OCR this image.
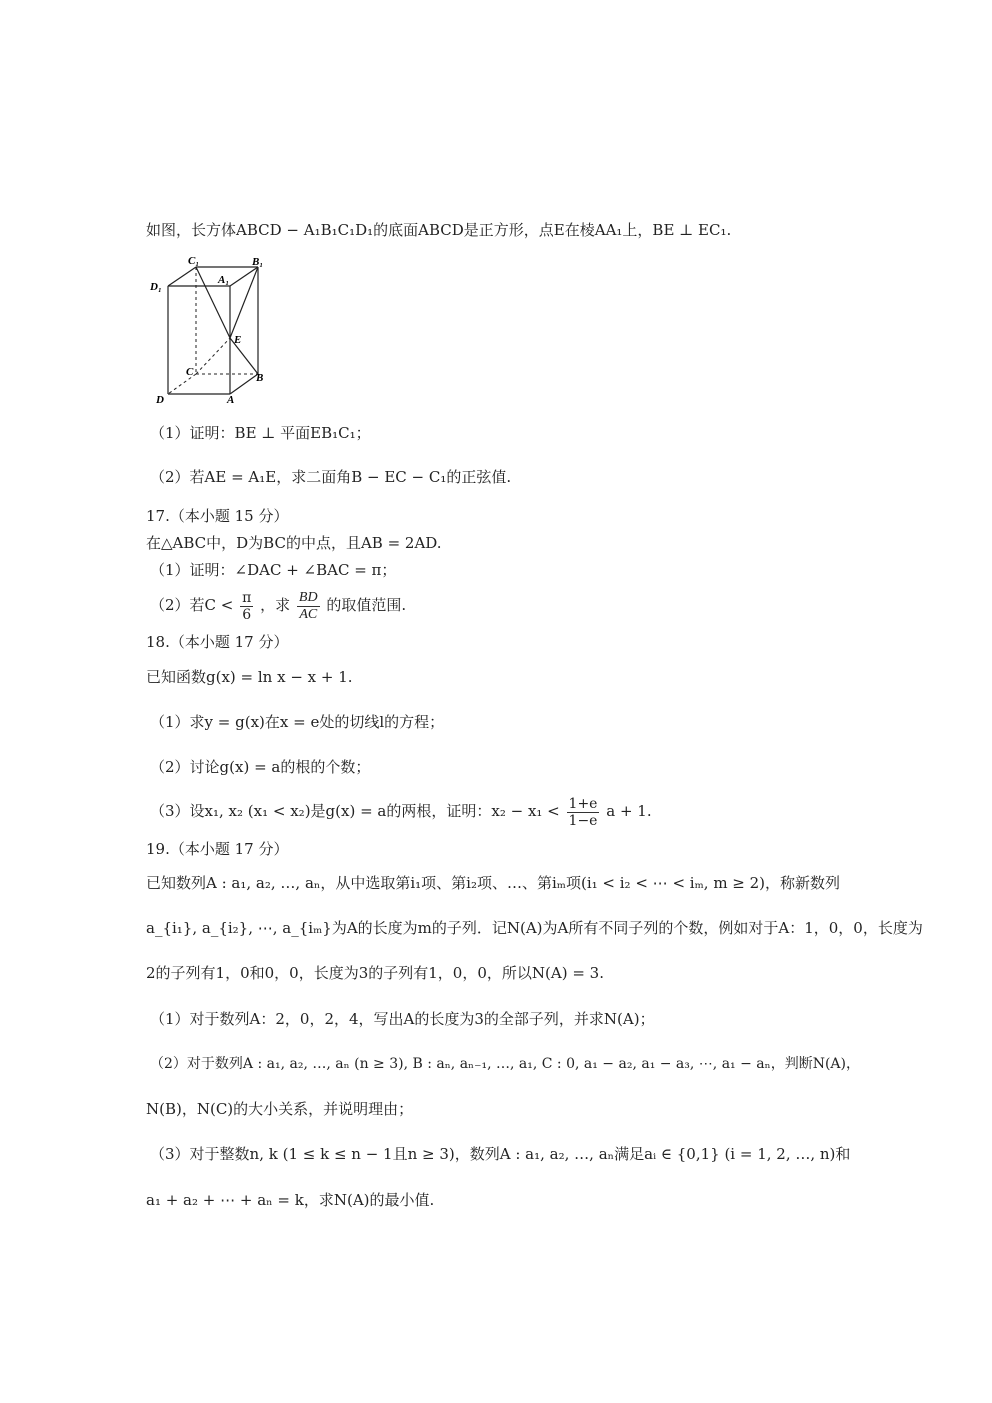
如图，长方体ABCD − A₁B₁C₁D₁的底面ABCD是正方形，点E在棱AA₁上，BE ⊥ EC₁.
C₁	B₁
D₁
A₁
E
C	B
D	A
（1）证明：BE ⊥ 平面EB₁C₁；
（2）若AE = A₁E，求二面角B − EC − C₁的正弦值.
17.（本小题 15 分）
在△ABC中，D为BC的中点，且AB = 2AD.
（1）证明：∠DAC + ∠BAC = π；
（2）若$C < \frac{\pi}{6}$ ，求 $\frac{BD}{AC}$ 的取值范围.
18.（本小题 17 分）
已知函数g(x) = ln x − x + 1.
（1）求y = g(x)在x = e处的切线l的方程；
（2）讨论g(x) = a的根的个数；
（3）设x₁, x₂ (x₁ < x₂)是g(x) = a的两根，证明：$x_2 - x_1 < \frac{1+e}{1-e}$ a + 1.
19.（本小题 17 分）
已知数列A : a₁, a₂, …, aₙ，从中选取第i₁项、第i₂项、…、第iₘ项(i₁ < i₂ < ⋯ < iₘ, m ≥ 2)，称新数列
a_{i₁}, a_{i₂}, ⋯, a_{iₘ}为A的长度为m的子列．记N(A)为A所有不同子列的个数，例如对于A：1，0，0，长度为
2的子列有1，0和0，0，长度为3的子列有1，0，0，所以N(A) = 3.
（1）对于数列A：2，0，2，4，写出A的长度为3的全部子列，并求N(A)；
（2）对于数列A : a₁, a₂, …, aₙ (n ≥ 3), B : aₙ, aₙ₋₁, …, a₁, C : 0, a₁ − a₂, a₁ − a₃, ⋯, a₁ − aₙ，判断N(A)，
N(B)，N(C)的大小关系，并说明理由；
（3）对于整数n, k (1 ≤ k ≤ n − 1且n ≥ 3)，数列A : a₁, a₂, …, aₙ满足aᵢ ∈ {0,1} (i = 1, 2, …, n)和
a₁ + a₂ + ⋯ + aₙ = k，求N(A)的最小值.
